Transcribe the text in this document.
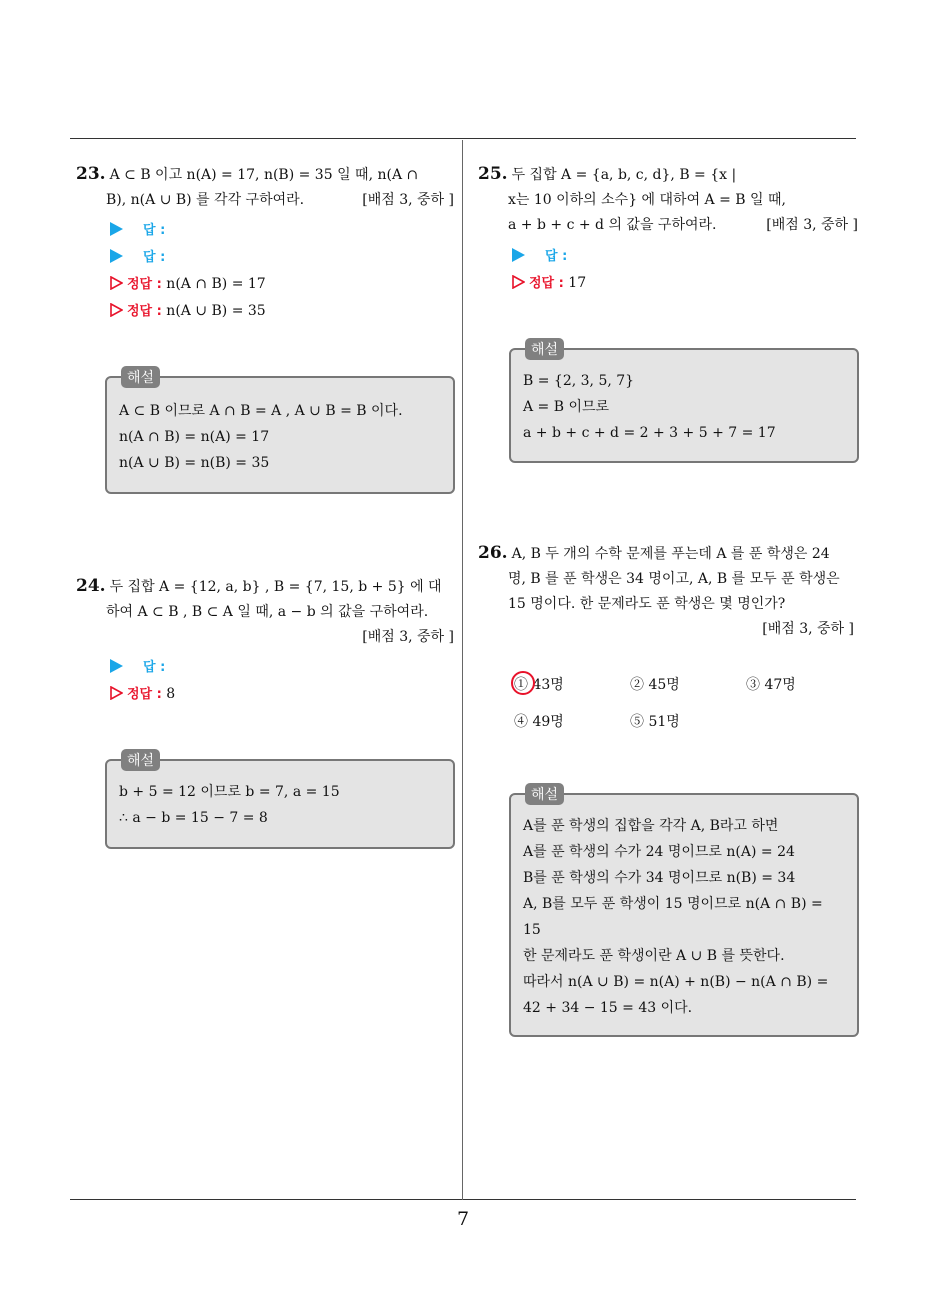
7
23. A ⊂ B 이고 n(A) = 17, n(B) = 35 일 때, n(A ∩
B), n(A ∪ B) 를 각각 구하여라.	[배점 3, 중하 ]
답 :
답 :
정답 : n(A ∩ B) = 17
정답 : n(A ∪ B) = 35
해설
A ⊂ B 이므로 A ∩ B = A , A ∪ B = B 이다.
n(A ∩ B) = n(A) = 17
n(A ∪ B) = n(B) = 35
24. 두 집합 A = {12, a, b} , B = {7, 15, b + 5} 에 대
하여 A ⊂ B , B ⊂ A 일 때, a − b 의 값을 구하여라.
[배점 3, 중하 ]
답 :
정답 : 8
해설
b + 5 = 12 이므로 b = 7, a = 15
∴ a − b = 15 − 7 = 8
25. 두 집합 A = {a, b, c, d}, B = {x |
x는 10 이하의 소수} 에 대하여 A = B 일 때,
a + b + c + d 의 값을 구하여라.	[배점 3, 중하 ]
답 :
정답 : 17
해설
B = {2, 3, 5, 7}
A = B 이므로
a + b + c + d = 2 + 3 + 5 + 7 = 17
26. A, B 두 개의 수학 문제를 푸는데 A 를 푼 학생은 24
명, B 를 푼 학생은 34 명이고, A, B 를 모두 푼 학생은
15 명이다. 한 문제라도 푼 학생은 몇 명인가?
[배점 3, 중하 ]
① 43명	② 45명	③ 47명
④ 49명	⑤ 51명
해설
A를 푼 학생의 집합을 각각 A, B라고 하면
A를 푼 학생의 수가 24 명이므로 n(A) = 24
B를 푼 학생의 수가 34 명이므로 n(B) = 34
A, B를 모두 푼 학생이 15 명이므로 n(A ∩ B) =
15
한 문제라도 푼 학생이란 A ∪ B 를 뜻한다.
따라서 n(A ∪ B) = n(A) + n(B) − n(A ∩ B) =
42 + 34 − 15 = 43 이다.
